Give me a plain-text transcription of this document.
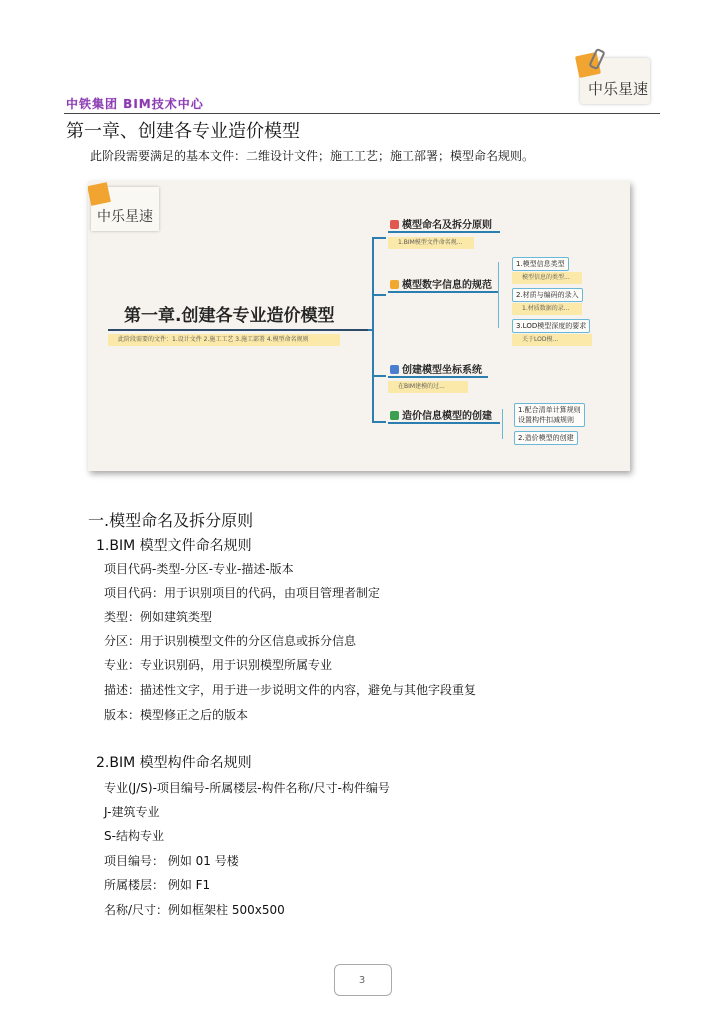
中铁集团 BIM技术中心
中乐星速
第一章、创建各专业造价模型
此阶段需要满足的基本文件：二维设计文件；施工工艺；施工部署；模型命名规则。
中乐星速
第一章.创建各专业造价模型
此阶段需要的文件：1.设计文件 2.施工工艺 3.施工部署 4.模型命名规则
模型命名及拆分原则
1.BIM模型文件命名规...
模型数字信息的规范
1.模型信息类型
模型信息的类型...
2.材质与编码的录入
1.材质数据的录...
3.LOD模型深度的要求
关于LOD模...
创建模型坐标系统
在BIM建模的过...
造价信息模型的创建
1.配合清单计算规则
设置构件扣减规则
2.造价模型的创建
一.模型命名及拆分原则
1.BIM 模型文件命名规则
项目代码-类型-分区-专业-描述-版本
项目代码：用于识别项目的代码，由项目管理者制定
类型：例如建筑类型
分区：用于识别模型文件的分区信息或拆分信息
专业：专业识别码，用于识别模型所属专业
描述：描述性文字，用于进一步说明文件的内容，避免与其他字段重复
版本：模型修正之后的版本
2.BIM 模型构件命名规则
专业(J/S)-项目编号-所属楼层-构件名称/尺寸-构件编号
J-建筑专业
S-结构专业
项目编号： 例如 01 号楼
所属楼层： 例如 F1
名称/尺寸：例如框架柱 500x500
3
